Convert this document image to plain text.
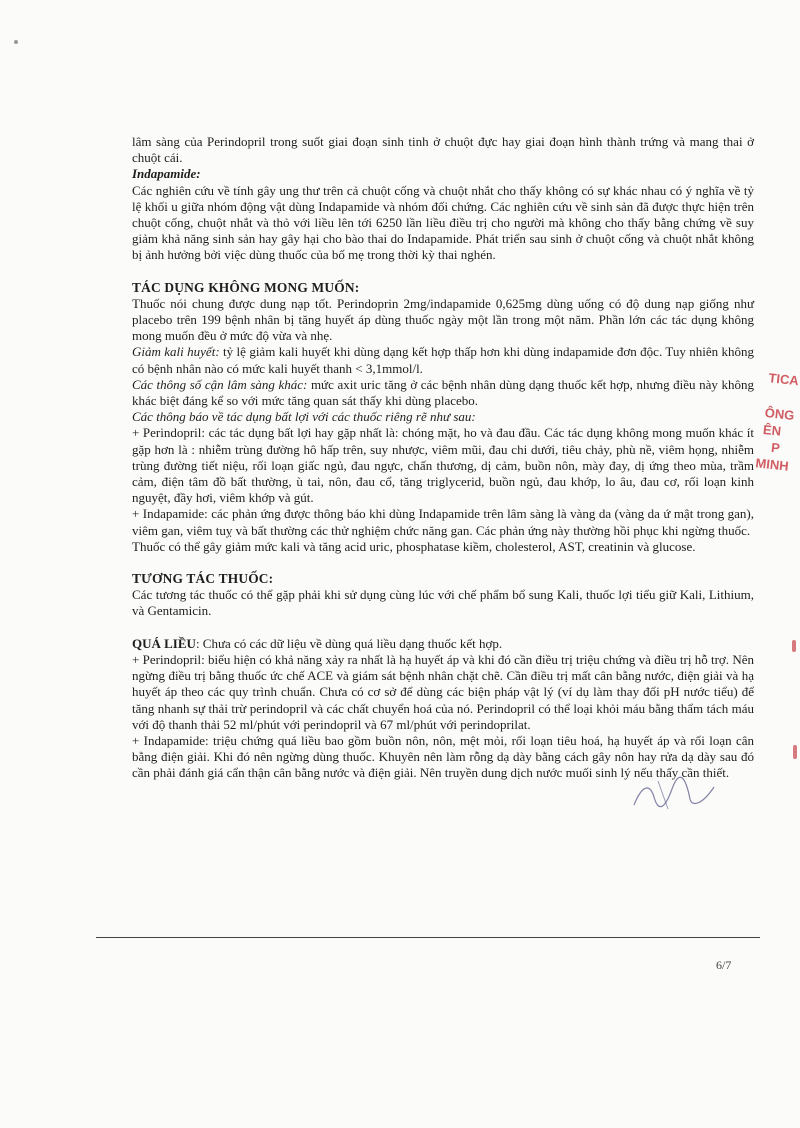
lâm sàng của Perindopril trong suốt giai đoạn sinh tinh ở chuột đực hay giai đoạn hình thành trứng và mang thai ở chuột cái.

Indapamide:

Các nghiên cứu về tính gây ung thư trên cả chuột cống và chuột nhắt cho thấy không có sự khác nhau có ý nghĩa về tỷ lệ khối u giữa nhóm động vật dùng Indapamide và nhóm đối chứng. Các nghiên cứu về sinh sản đã được thực hiện trên chuột cống, chuột nhắt và thỏ với liều lên tới 6250 lần liều điều trị cho người mà không cho thấy bằng chứng về suy giảm khả năng sinh sản hay gây hại cho bào thai do Indapamide. Phát triển sau sinh ở chuột cống và chuột nhắt không bị ảnh hưởng bởi việc dùng thuốc của bố mẹ trong thời kỳ thai nghén.

TÁC DỤNG KHÔNG MONG MUỐN:

Thuốc nói chung được dung nạp tốt. Perindoprin 2mg/indapamide 0,625mg dùng uống có độ dung nạp giống như placebo trên 199 bệnh nhân bị tăng huyết áp dùng thuốc ngày một lần trong một năm. Phần lớn các tác dụng không mong muốn đều ở mức độ vừa và nhẹ.

Giảm kali huyết: tỷ lệ giảm kali huyết khi dùng dạng kết hợp thấp hơn khi dùng indapamide đơn độc. Tuy nhiên không có bệnh nhân nào có mức kali huyết thanh < 3,1mmol/l.

Các thông số cận lâm sàng khác: mức axit uric tăng ở các bệnh nhân dùng dạng thuốc kết hợp, nhưng điều này không khác biệt đáng kể so với mức tăng quan sát thấy khi dùng placebo.

Các thông báo về tác dụng bất lợi với các thuốc riêng rẽ như sau:

+ Perindopril: các tác dụng bất lợi hay gặp nhất là: chóng mặt, ho và đau đầu. Các tác dụng không mong muốn khác ít gặp hơn là : nhiễm trùng đường hô hấp trên, suy nhược, viêm mũi, đau chi dưới, tiêu chảy, phù nề, viêm họng, nhiễm trùng đường tiết niệu, rối loạn giấc ngủ, đau ngực, chấn thương, dị cảm, buồn nôn, mày đay, dị ứng theo mùa, trầm cảm, điện tâm đồ bất thường, ù tai, nôn, đau cổ, tăng triglycerid, buồn ngủ, đau khớp, lo âu, đau cơ, rối loạn kinh nguyệt, đầy hơi, viêm khớp và gút.

+ Indapamide: các phản ứng được thông báo khi dùng Indapamide trên lâm sàng là vàng da (vàng da ứ mật trong gan), viêm gan, viêm tuỵ và bất thường các thử nghiệm chức năng gan. Các phản ứng này thường hồi phục khi ngừng thuốc.

Thuốc có thể gây giảm mức kali và tăng acid uric, phosphatase kiềm, cholesterol, AST, creatinin và glucose.

TƯƠNG TÁC THUỐC:

Các tương tác thuốc có thể gặp phải khi sử dụng cùng lúc với chế phẩm bổ sung Kali, thuốc lợi tiểu giữ Kali, Lithium, và Gentamicin.

QUÁ LIỀU: Chưa có các dữ liệu về dùng quá liều dạng thuốc kết hợp.

+ Perindopril: biểu hiện có khả năng xảy ra nhất là hạ huyết áp và khi đó cần điều trị triệu chứng và điều trị hỗ trợ. Nên ngừng điều trị bằng thuốc ức chế ACE và giám sát bệnh nhân chặt chẽ. Cần điều trị mất cân bằng nước, điện giải và hạ huyết áp theo các quy trình chuẩn. Chưa có cơ sở để dùng các biện pháp vật lý (ví dụ làm thay đổi pH nước tiểu) để tăng nhanh sự thải trừ perindopril và các chất chuyển hoá của nó. Perindopril có thể loại khỏi máu bằng thẩm tách máu với độ thanh thải 52 ml/phút với perindopril và 67 ml/phút với perindoprilat.

+ Indapamide: triệu chứng quá liều bao gồm buồn nôn, nôn, mệt mỏi, rối loạn tiêu hoá, hạ huyết áp và rối loạn cân bằng điện giải. Khi đó nên ngừng dùng thuốc. Khuyên nên làm rỗng dạ dày bằng cách gây nôn hay rửa dạ dày sau đó cần phải đánh giá cẩn thận cân bằng nước và điện giải. Nên truyền dung dịch nước muối sinh lý nếu thấy cần thiết.

TICA
ÔNG
ÊN
P
MINH
6/7
